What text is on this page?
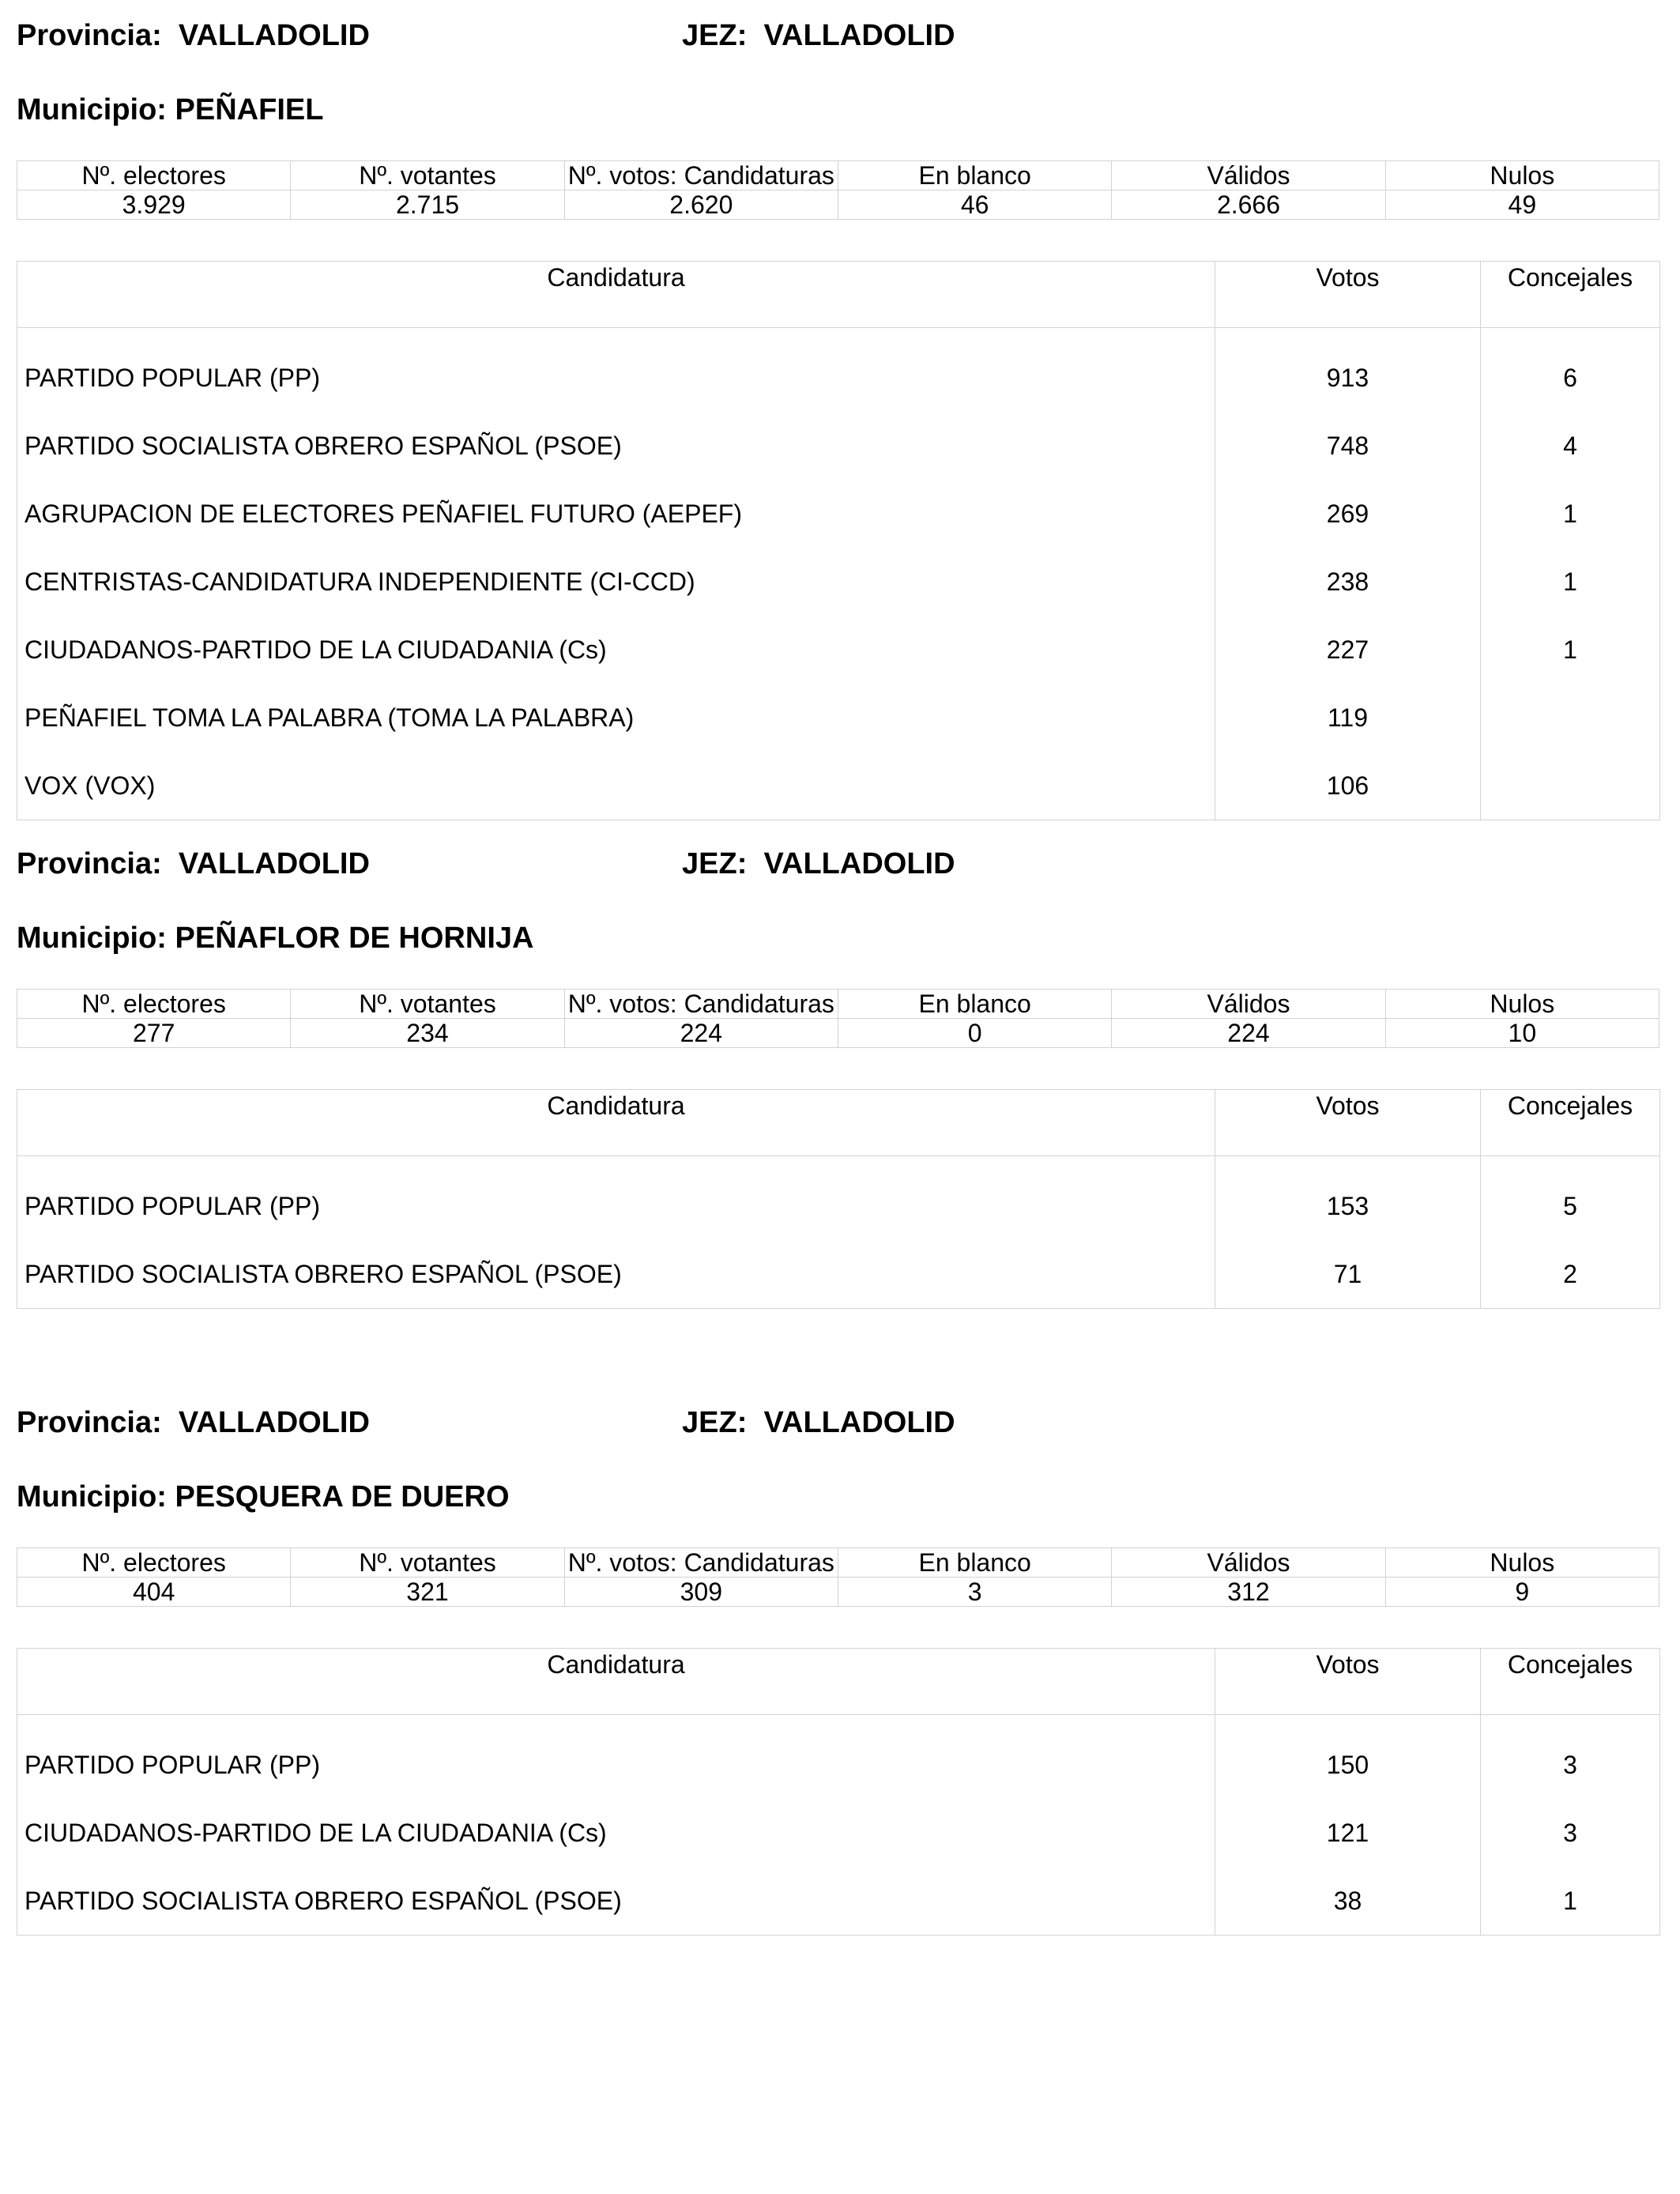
Provincia: VALLADOLID	JEZ: VALLADOLID
Municipio: PEÑAFIEL
Nº. electores	Nº. votantes	Nº. votos: Candidaturas	En blanco	Válidos	Nulos
3.929	2.715	2.620	46	2.666	49
Candidatura	Votos	Concejales
PARTIDO POPULAR (PP)	913	6
PARTIDO SOCIALISTA OBRERO ESPAÑOL (PSOE)	748	4
AGRUPACION DE ELECTORES PEÑAFIEL FUTURO (AEPEF)	269	1
CENTRISTAS-CANDIDATURA INDEPENDIENTE (CI-CCD)	238	1
CIUDADANOS-PARTIDO DE LA CIUDADANIA (Cs)	227	1
PEÑAFIEL TOMA LA PALABRA (TOMA LA PALABRA)	119	
VOX (VOX)	106	
Provincia: VALLADOLID	JEZ: VALLADOLID
Municipio: PEÑAFLOR DE HORNIJA
Nº. electores	Nº. votantes	Nº. votos: Candidaturas	En blanco	Válidos	Nulos
277	234	224	0	224	10
Candidatura	Votos	Concejales
PARTIDO POPULAR (PP)	153	5
PARTIDO SOCIALISTA OBRERO ESPAÑOL (PSOE)	71	2
Provincia: VALLADOLID	JEZ: VALLADOLID
Municipio: PESQUERA DE DUERO
Nº. electores	Nº. votantes	Nº. votos: Candidaturas	En blanco	Válidos	Nulos
404	321	309	3	312	9
Candidatura	Votos	Concejales
PARTIDO POPULAR (PP)	150	3
CIUDADANOS-PARTIDO DE LA CIUDADANIA (Cs)	121	3
PARTIDO SOCIALISTA OBRERO ESPAÑOL (PSOE)	38	1
